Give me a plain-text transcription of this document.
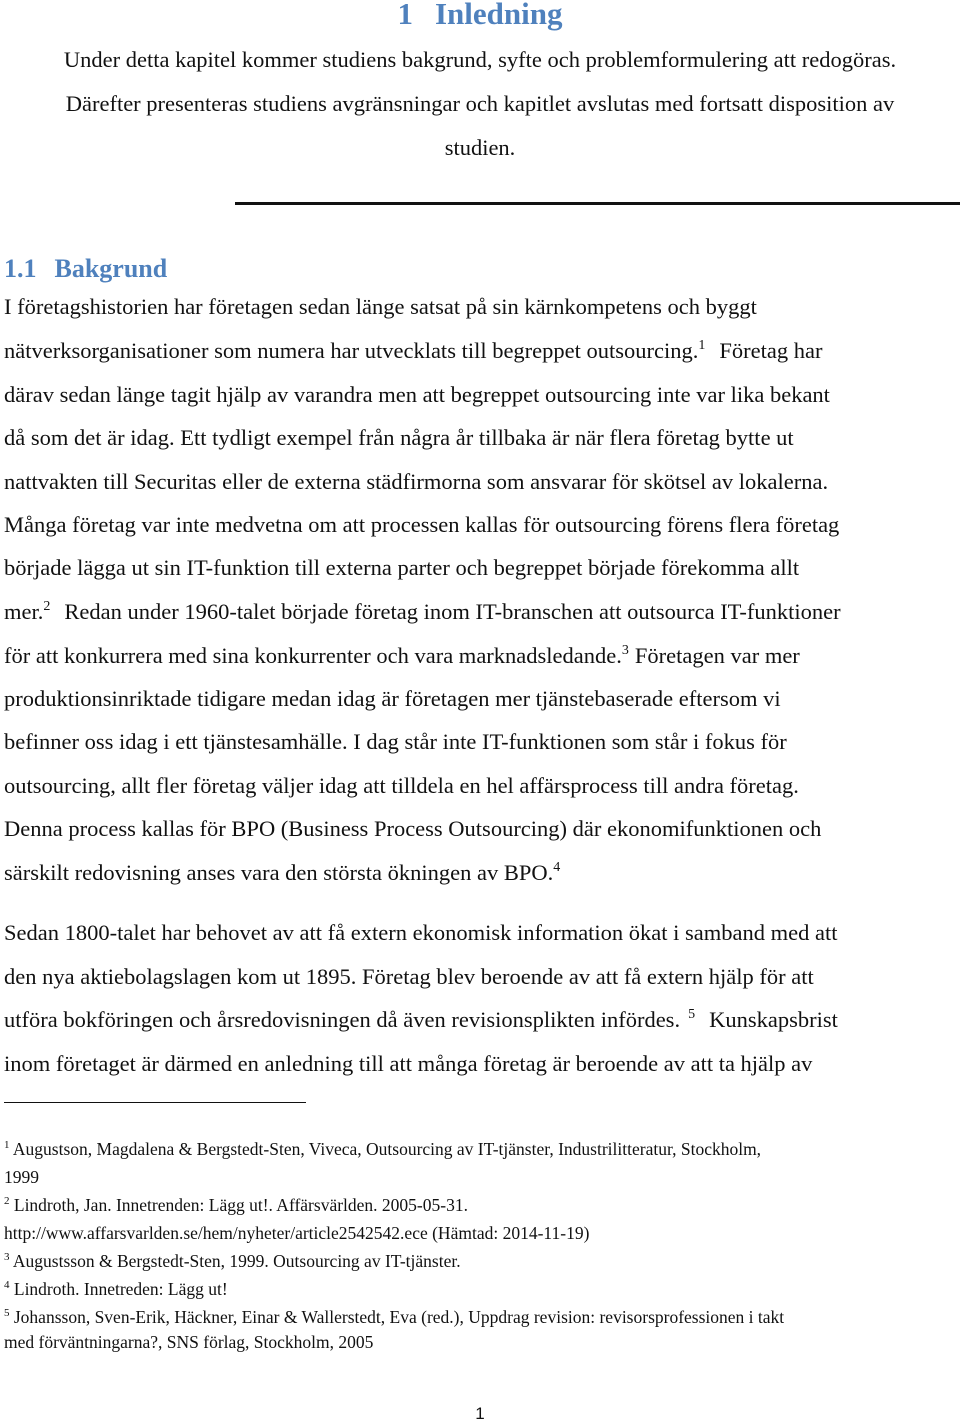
1 Inledning
Under detta kapitel kommer studiens bakgrund, syfte och problemformulering att redogöras. Därefter presenteras studiens avgränsningar och kapitlet avslutas med fortsatt disposition av studien.
1.1 Bakgrund
I företagshistorien har företagen sedan länge satsat på sin kärnkompetens och byggt
nätverksorganisationer som numera har utvecklats till begreppet outsourcing.$^1$ Företag har
därav sedan länge tagit hjälp av varandra men att begreppet outsourcing inte var lika bekant
då som det är idag. Ett tydligt exempel från några år tillbaka är när flera företag bytte ut
nattvakten till Securitas eller de externa städfirmorna som ansvarar för skötsel av lokalerna.
Många företag var inte medvetna om att processen kallas för outsourcing förens flera företag
började lägga ut sin IT-funktion till externa parter och begreppet började förekomma allt
mer.$^2$ Redan under 1960-talet började företag inom IT-branschen att outsourca IT-funktioner
för att konkurrera med sina konkurrenter och vara marknadsledande.$^3$ Företagen var mer
produktionsinriktade tidigare medan idag är företagen mer tjänstebaserade eftersom vi
befinner oss idag i ett tjänstesamhälle. I dag står inte IT-funktionen som står i fokus för
outsourcing, allt fler företag väljer idag att tilldela en hel affärsprocess till andra företag.
Denna process kallas för BPO (Business Process Outsourcing) där ekonomifunktionen och
särskilt redovisning anses vara den största ökningen av BPO.$^4$
Sedan 1800-talet har behovet av att få extern ekonomisk information ökat i samband med att
den nya aktiebolagslagen kom ut 1895. Företag blev beroende av att få extern hjälp för att
utföra bokföringen och årsredovisningen då även revisionsplikten infördes. $^5$ Kunskapsbrist
inom företaget är därmed en anledning till att många företag är beroende av att ta hjälp av
$^1$ Augustson, Magdalena & Bergstedt-Sten, Viveca, Outsourcing av IT-tjänster, Industrilitteratur, Stockholm,
1999
$^2$ Lindroth, Jan. Innetrenden: Lägg ut!. Affärsvärlden. 2005-05-31.
http://www.affarsvarlden.se/hem/nyheter/article2542542.ece (Hämtad: 2014-11-19)
$^3$ Augustsson & Bergstedt-Sten, 1999. Outsourcing av IT-tjänster.
$^4$ Lindroth. Innetreden: Lägg ut!
$^5$ Johansson, Sven-Erik, Häckner, Einar & Wallerstedt, Eva (red.), Uppdrag revision: revisorsprofessionen i takt
med förväntningarna?, SNS förlag, Stockholm, 2005
1
